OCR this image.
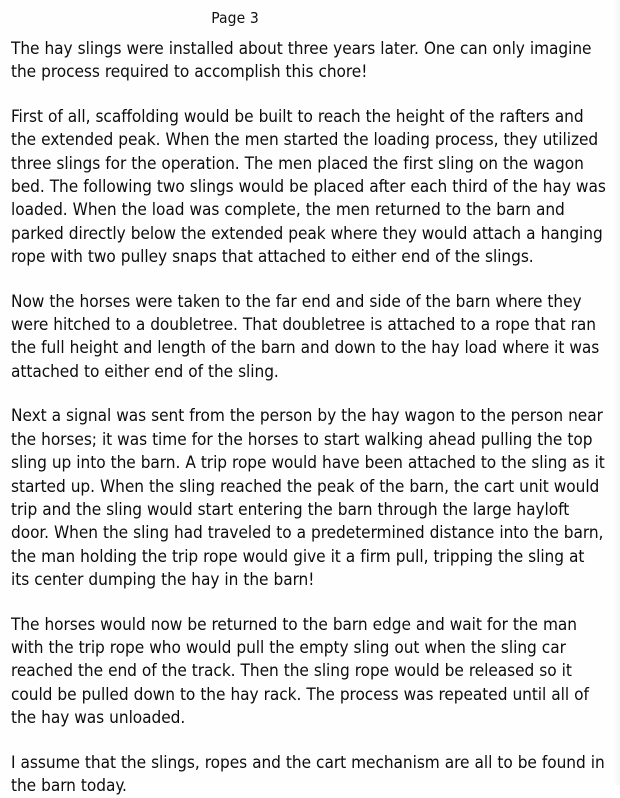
Page 3

The hay slings were installed about three years later. One can only imagine the process required to accomplish this chore!

First of all, scaffolding would be built to reach the height of the rafters and the extended peak. When the men started the loading process, they utilized three slings for the operation. The men placed the first sling on the wagon bed. The following two slings would be placed after each third of the hay was loaded. When the load was complete, the men returned to the barn and parked directly below the extended peak where they would attach a hanging rope with two pulley snaps that attached to either end of the slings.

Now the horses were taken to the far end and side of the barn where they were hitched to a doubletree. That doubletree is attached to a rope that ran the full height and length of the barn and down to the hay load where it was attached to either end of the sling.

Next a signal was sent from the person by the hay wagon to the person near the horses; it was time for the horses to start walking ahead pulling the top sling up into the barn. A trip rope would have been attached to the sling as it started up. When the sling reached the peak of the barn, the cart unit would trip and the sling would start entering the barn through the large hayloft door. When the sling had traveled to a predetermined distance into the barn, the man holding the trip rope would give it a firm pull, tripping the sling at its center dumping the hay in the barn!

The horses would now be returned to the barn edge and wait for the man with the trip rope who would pull the empty sling out when the sling car reached the end of the track. Then the sling rope would be released so it could be pulled down to the hay rack. The process was repeated until all of the hay was unloaded.

I assume that the slings, ropes and the cart mechanism are all to be found in the barn today.
